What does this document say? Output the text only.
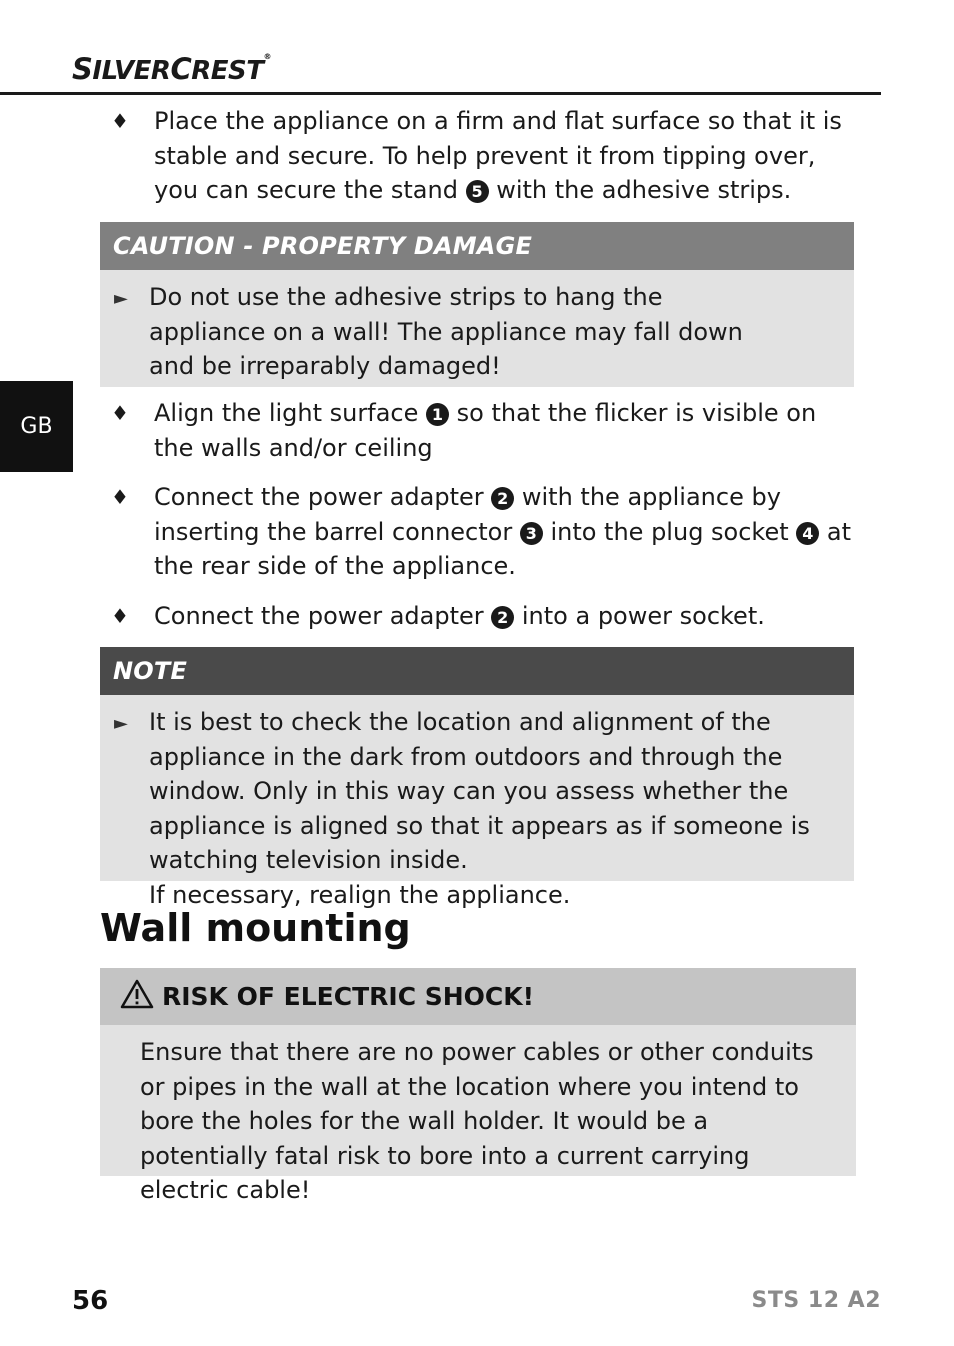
SILVERCREST®
GB
♦ Place the appliance on a firm and flat surface so that it is stable and secure. To help prevent it from tipping over, you can secure the stand 5 with the adhesive strips.
CAUTION - PROPERTY DAMAGE
► Do not use the adhesive strips to hang the appliance on a wall! The appliance may fall down and be irreparably damaged!
♦ Align the light surface 1 so that the flicker is visible on the walls and/or ceiling
♦ Connect the power adapter 2 with the appliance by inserting the barrel connector 3 into the plug socket 4 at the rear side of the appliance.
♦ Connect the power adapter 2 into a power socket.
NOTE
► It is best to check the location and alignment of the appliance in the dark from outdoors and through the window. Only in this way can you assess whether the appliance is aligned so that it appears as if someone is watching television inside.
If necessary, realign the appliance.
Wall mounting
RISK OF ELECTRIC SHOCK!
Ensure that there are no power cables or other conduits or pipes in the wall at the location where you intend to bore the holes for the wall holder. It would be a potentially fatal risk to bore into a current carrying electric cable!
56	STS 12 A2
